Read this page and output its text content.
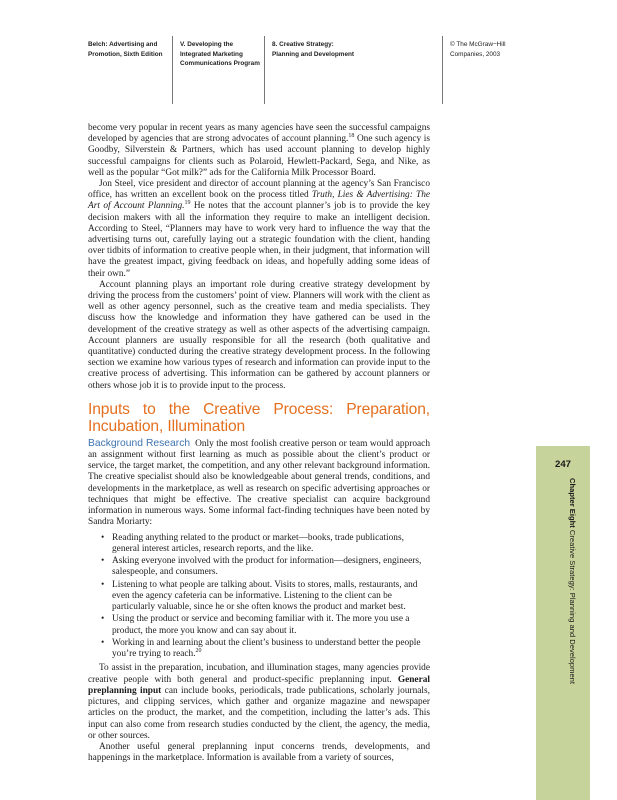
Belch: Advertising and
Promotion, Sixth Edition
V. Developing the
Integrated Marketing
Communications Program
8. Creative Strategy:
Planning and Development
© The McGraw−Hill
Companies, 2003

become very popular in recent years as many agencies have seen the successful campaigns developed by agencies that are strong advocates of account planning.$^{18}$ One such agency is Goodby, Silverstein & Partners, which has used account planning to develop highly successful campaigns for clients such as Polaroid, Hewlett-Packard, Sega, and Nike, as well as the popular “Got milk?” ads for the California Milk Processor Board.

Jon Steel, vice president and director of account planning at the agency’s San Francisco office, has written an excellent book on the process titled Truth, Lies & Advertising: The Art of Account Planning.$^{19}$ He notes that the account planner’s job is to provide the key decision makers with all the information they require to make an intelligent decision. According to Steel, “Planners may have to work very hard to influence the way that the advertising turns out, carefully laying out a strategic foundation with the client, handing over tidbits of information to creative people when, in their judgment, that information will have the greatest impact, giving feedback on ideas, and hopefully adding some ideas of their own.”

Account planning plays an important role during creative strategy development by driving the process from the customers’ point of view. Planners will work with the client as well as other agency personnel, such as the creative team and media specialists. They discuss how the knowledge and information they have gathered can be used in the development of the creative strategy as well as other aspects of the advertising campaign. Account planners are usually responsible for all the research (both qualitative and quantitative) conducted during the creative strategy development process. In the following section we examine how various types of research and information can provide input to the creative process of advertising. This information can be gathered by account planners or others whose job it is to provide input to the process.

Inputs to the Creative Process: Preparation, Incubation, Illumination

Background Research Only the most foolish creative person or team would approach an assignment without first learning as much as possible about the client’s product or service, the target market, the competition, and any other relevant background information. The creative specialist should also be knowledgeable about general trends, conditions, and developments in the marketplace, as well as research on specific advertising approaches or techniques that might be effective. The creative specialist can acquire background information in numerous ways. Some informal fact-finding techniques have been noted by Sandra Moriarty:

• Reading anything related to the product or market—books, trade publications, general interest articles, research reports, and the like.
• Asking everyone involved with the product for information—designers, engineers, salespeople, and consumers.
• Listening to what people are talking about. Visits to stores, malls, restaurants, and even the agency cafeteria can be informative. Listening to the client can be particularly valuable, since he or she often knows the product and market best.
• Using the product or service and becoming familiar with it. The more you use a product, the more you know and can say about it.
• Working in and learning about the client’s business to understand better the people you’re trying to reach.$^{20}$

To assist in the preparation, incubation, and illumination stages, many agencies provide creative people with both general and product-specific preplanning input. General preplanning input can include books, periodicals, trade publications, scholarly journals, pictures, and clipping services, which gather and organize magazine and newspaper articles on the product, the market, and the competition, including the latter’s ads. This input can also come from research studies conducted by the client, the agency, the media, or other sources.

Another useful general preplanning input concerns trends, developments, and happenings in the marketplace. Information is available from a variety of sources,

247
Chapter Eight Creative Strategy: Planning and Development
